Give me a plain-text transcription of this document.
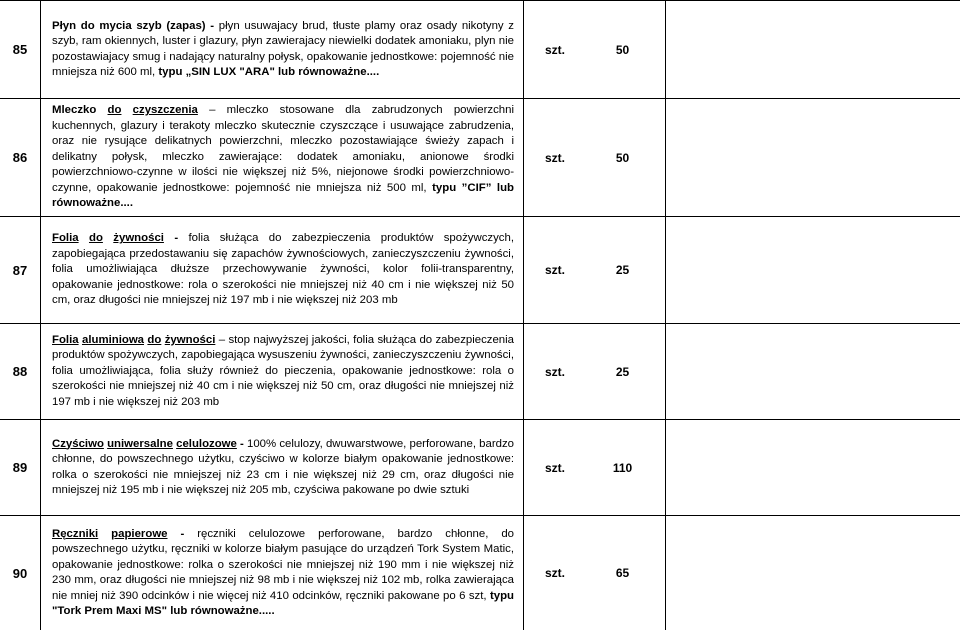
85
Płyn do mycia szyb (zapas) - płyn usuwajacy brud, tłuste plamy oraz osady nikotyny z szyb, ram okiennych, luster i glazury, płyn zawierajacy niewielki dodatek amoniaku, plyn nie pozostawiajacy smug i nadający naturalny połysk, opakowanie jednostkowe: pojemność nie mniejsza niż 600 ml, typu „SIN LUX "ARA" lub równoważne....
szt.	50
86
Mleczko do czyszczenia – mleczko stosowane dla zabrudzonych powierzchni kuchennych, glazury i terakoty mleczko skutecznie czyszczące i usuwające zabrudzenia, oraz nie rysujące delikatnych powierzchni, mleczko pozostawiające świeży zapach i delikatny połysk, mleczko zawierające: dodatek amoniaku, anionowe środki powierzchniowo-czynne w ilości nie większej niż 5%, niejonowe środki powierzchniowo-czynne, opakowanie jednostkowe: pojemność nie mniejsza niż 500 ml, typu ”CIF” lub równoważne....
szt.	50
87
Folia do żywności - folia służąca do zabezpieczenia produktów spożywczych, zapobiegająca przedostawaniu się zapachów żywnościowych, zanieczyszczeniu żywności, folia umożliwiająca dłuższe przechowywanie żywności, kolor folii-transparentny, opakowanie jednostkowe: rola o szerokości nie mniejszej niż 40 cm i nie większej niż 50 cm, oraz długości nie mniejszej niż 197 mb i nie większej niż 203 mb
szt.	25
88
Folia aluminiowa do żywności – stop najwyższej jakości, folia służąca do zabezpieczenia produktów spożywczych, zapobiegająca wysuszeniu żywności, zanieczyszczeniu żywności, folia umożliwiająca, folia służy również do pieczenia, opakowanie jednostkowe: rola o szerokości nie mniejszej niż 40 cm i nie większej niż 50 cm, oraz długości nie mniejszej niż 197 mb i nie większej niż 203 mb
szt.	25
89
Czyściwo uniwersalne celulozowe - 100% celulozy, dwuwarstwowe, perforowane, bardzo chłonne, do powszechnego użytku, czyściwo w kolorze białym opakowanie jednostkowe: rolka o szerokości nie mniejszej niż 23 cm i nie większej niż 29 cm, oraz długości nie mniejszej niż 195 mb i nie większej niż 205 mb, czyściwa pakowane po dwie sztuki
szt.	110
90
Ręczniki papierowe - ręczniki celulozowe perforowane, bardzo chłonne, do powszechnego użytku, ręczniki w kolorze białym pasujące do urządzeń Tork System Matic, opakowanie jednostkowe: rolka o szerokości nie mniejszej niż 190 mm i nie większej niż 230 mm, oraz długości nie mniejszej niż 98 mb i nie większej niż 102 mb, rolka zawierająca nie mniej niż 390 odcinków i nie więcej niż 410 odcinków, ręczniki pakowane po 6 szt, typu "Tork Prem Maxi MS" lub równoważne.....
szt.	65
